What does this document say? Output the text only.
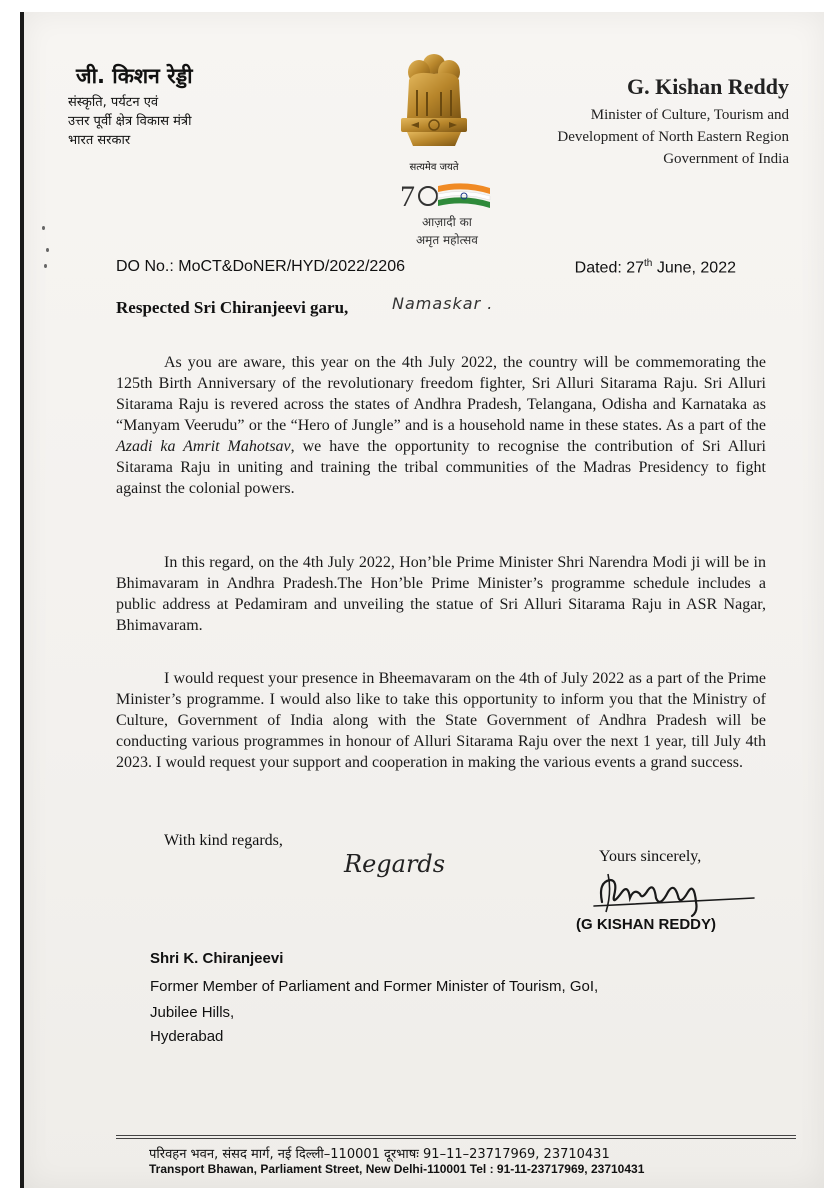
जी. किशन रेड्डी
संस्कृति, पर्यटन एवं
उत्तर पूर्वी क्षेत्र विकास मंत्री
भारत सरकार
सत्यमेव जयते
7
आज़ादी का
अमृत महोत्सव
G. Kishan Reddy
Minister of Culture, Tourism and
Development of North Eastern Region
Government of India
DO No.: MoCT&DoNER/HYD/2022/2206	Dated: 27th June, 2022
Respected Sri Chiranjeevi garu,	Namaskar .

As you are aware, this year on the 4th July 2022, the country will be commemorating the 125th Birth Anniversary of the revolutionary freedom fighter, Sri Alluri Sitarama Raju. Sri Alluri Sitarama Raju is revered across the states of Andhra Pradesh, Telangana, Odisha and Karnataka as “Manyam Veerudu” or the “Hero of Jungle” and is a household name in these states. As a part of the Azadi ka Amrit Mahotsav, we have the opportunity to recognise the contribution of Sri Alluri Sitarama Raju in uniting and training the tribal communities of the Madras Presidency to fight against the colonial powers.

In this regard, on the 4th July 2022, Hon’ble Prime Minister Shri Narendra Modi ji will be in Bhimavaram in Andhra Pradesh.The Hon’ble Prime Minister’s programme schedule includes a public address at Pedamiram and unveiling the statue of Sri Alluri Sitarama Raju in ASR Nagar, Bhimavaram.

I would request your presence in Bheemavaram on the 4th of July 2022 as a part of the Prime Minister’s programme. I would also like to take this opportunity to inform you that the Ministry of Culture, Government of India along with the State Government of Andhra Pradesh will be conducting various programmes in honour of Alluri Sitarama Raju over the next 1 year, till July 4th 2023. I would request your support and cooperation in making the various events a grand success.

With kind regards,
Regards	Yours sincerely,
(G KISHAN REDDY)
Shri K. Chiranjeevi
Former Member of Parliament and Former Minister of Tourism, GoI,
Jubilee Hills,
Hyderabad
परिवहन भवन, संसद मार्ग, नई दिल्ली–110001 दूरभाषः 91–11–23717969, 23710431
Transport Bhawan, Parliament Street, New Delhi-110001 Tel : 91-11-23717969, 23710431
